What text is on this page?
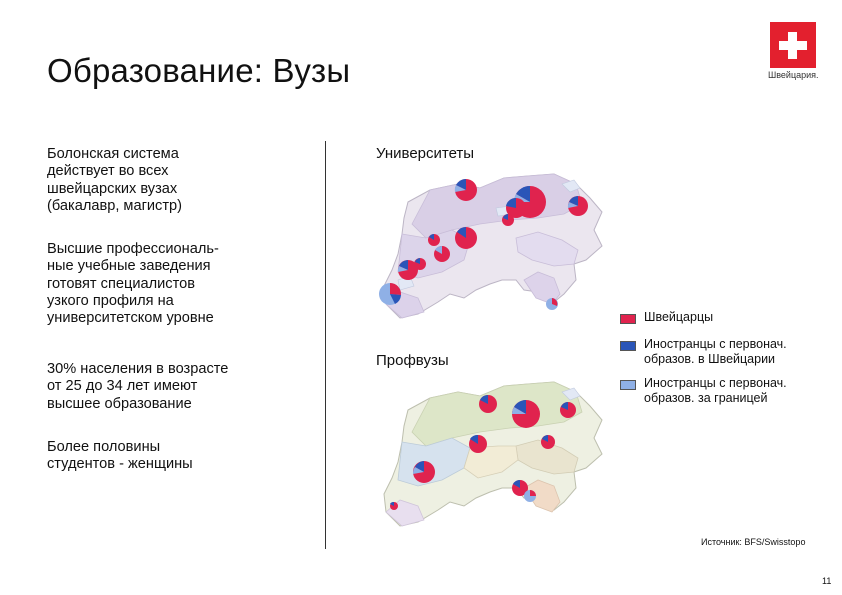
Образование: Вузы	Швейцария.
Болонская система
действует во всех
швейцарских вузах
(бакалавр, магистр)
Высшие профессиональ-
ные учебные заведения
готовят специалистов
узкого профиля на
университетском уровне
30% населения в возрасте
от 25 до 34 лет имеют
высшее образование
Более половины
студентов - женщины
Университеты
Профвузы
Швейцарцы
Иностранцы с первонач.
образов. в Швейцарии
Иностранцы с первонач.
образов. за границей
Источник: BFS/Swisstopo
11
